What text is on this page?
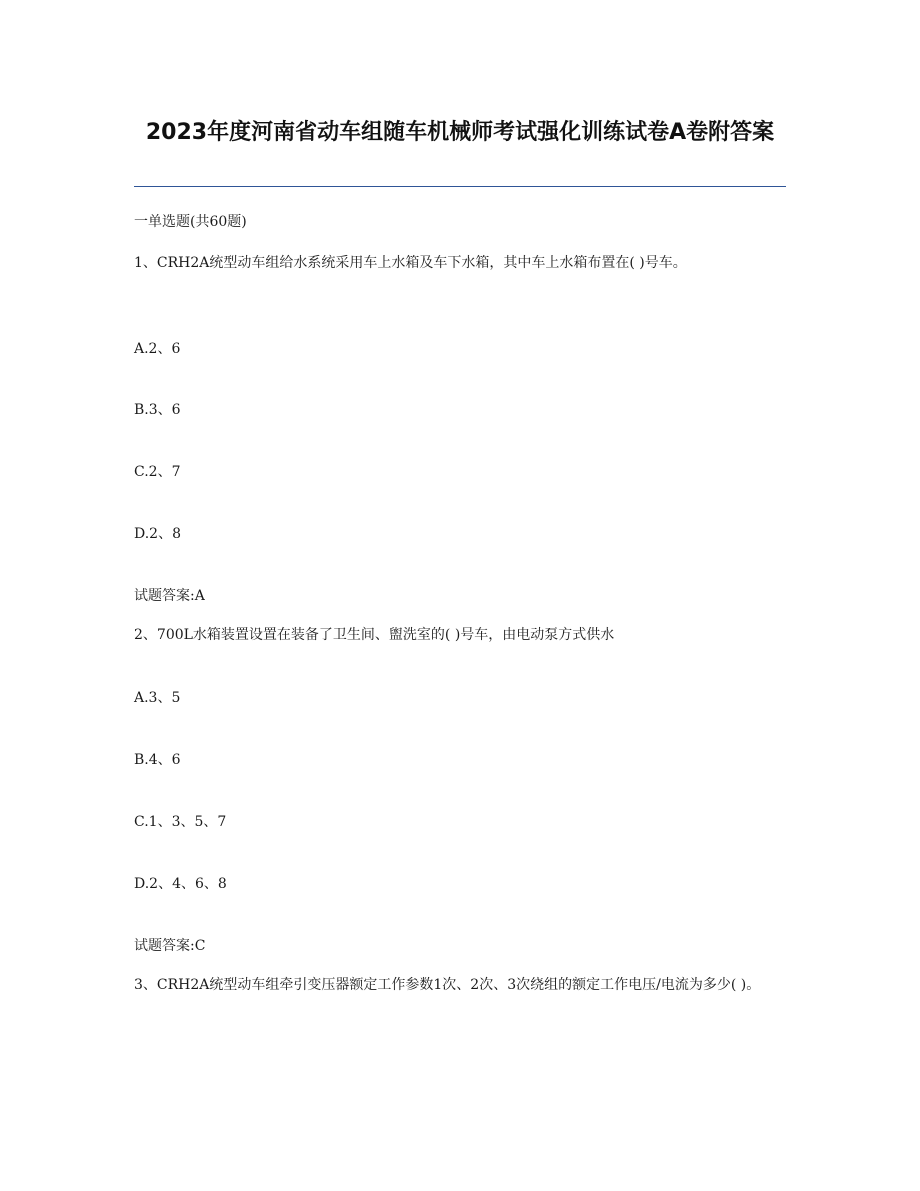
2023年度河南省动车组随车机械师考试强化训练试卷A卷附答案
一单选题(共60题)
1、CRH2A统型动车组给水系统采用车上水箱及车下水箱，其中车上水箱布置在( )号车。
A.2、6
B.3、6
C.2、7
D.2、8
试题答案:A
2、700L水箱装置设置在装备了卫生间、盥洗室的( )号车，由电动泵方式供水
A.3、5
B.4、6
C.1、3、5、7
D.2、4、6、8
试题答案:C
3、CRH2A统型动车组牵引变压器额定工作参数1次、2次、3次绕组的额定工作电压/电流为多少( )。
